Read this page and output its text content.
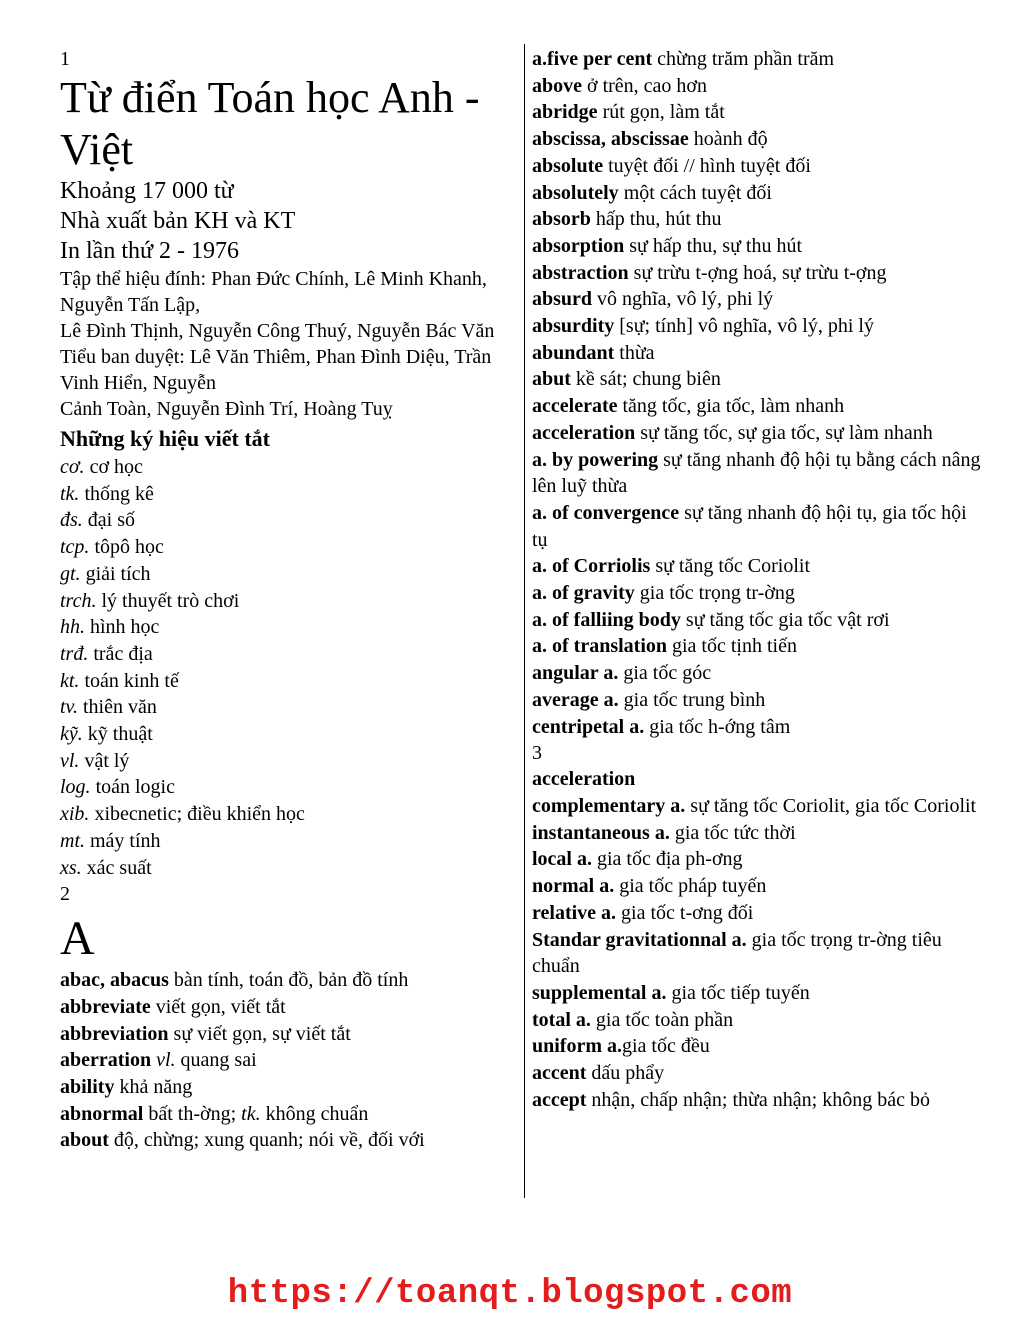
1
Từ điển Toán học Anh - Việt
Khoảng 17 000 từ
Nhà xuất bản KH và KT
In lần thứ 2 - 1976
Tập thể hiệu đính: Phan Đức Chính, Lê Minh Khanh, Nguyễn Tấn Lập,
Lê Đình Thịnh, Nguyễn Công Thuý, Nguyễn Bác Văn
Tiểu ban duyệt: Lê Văn Thiêm, Phan Đình Diệu, Trần Vinh Hiển, Nguyễn
Cảnh Toàn, Nguyễn Đình Trí, Hoàng Tuỵ
Những ký hiệu viết tắt
cơ. cơ học
tk. thống kê
đs. đại số
tcp. tôpô học
gt. giải tích
trch. lý thuyết trò chơi
hh. hình học
trđ. trắc địa
kt. toán kinh tế
tv. thiên văn
kỹ. kỹ thuật
vl. vật lý
log. toán logic
xib. xibecnetic; điều khiển học
mt. máy tính
xs. xác suất
2
A
abac, abacus bàn tính, toán đồ, bản đồ tính
abbreviate viết gọn, viết tắt
abbreviation sự viết gọn, sự viết tắt
aberration vl. quang sai
ability khả năng
abnormal bất th-ờng; tk. không chuẩn
about độ, chừng; xung quanh; nói về, đối với
a.five per cent chừng trăm phần trăm
above ở trên, cao hơn
abridge rút gọn, làm tắt
abscissa, abscissae hoành độ
absolute tuyệt đối // hình tuyệt đối
absolutely một cách tuyệt đối
absorb hấp thu, hút thu
absorption sự hấp thu, sự thu hút
abstraction sự trừu t-ợng hoá, sự trừu t-ợng
absurd vô nghĩa, vô lý, phi lý
absurdity [sự; tính] vô nghĩa, vô lý, phi lý
abundant thừa
abut kề sát; chung biên
accelerate tăng tốc, gia tốc, làm nhanh
acceleration sự tăng tốc, sự gia tốc, sự làm nhanh
a. by powering sự tăng nhanh độ hội tụ bằng cách nâng lên luỹ thừa
a. of convergence sự tăng nhanh độ hội tụ, gia tốc hội tụ
a. of Corriolis sự tăng tốc Coriolit
a. of gravity gia tốc trọng tr-ờng
a. of falliing body sự tăng tốc gia tốc vật rơi
a. of translation gia tốc tịnh tiến
angular a. gia tốc góc
average a. gia tốc trung bình
centripetal a. gia tốc h-ớng tâm
3
acceleration
complementary a. sự tăng tốc Coriolit, gia tốc Coriolit
instantaneous a. gia tốc tức thời
local a. gia tốc địa ph-ơng
normal a. gia tốc pháp tuyến
relative a. gia tốc t-ơng đối
Standar gravitationnal a. gia tốc trọng tr-ờng tiêu chuẩn
supplemental a. gia tốc tiếp tuyến
total a. gia tốc toàn phần
uniform a.gia tốc đều
accent dấu phẩy
accept nhận, chấp nhận; thừa nhận; không bác bỏ
https://toanqt.blogspot.com
